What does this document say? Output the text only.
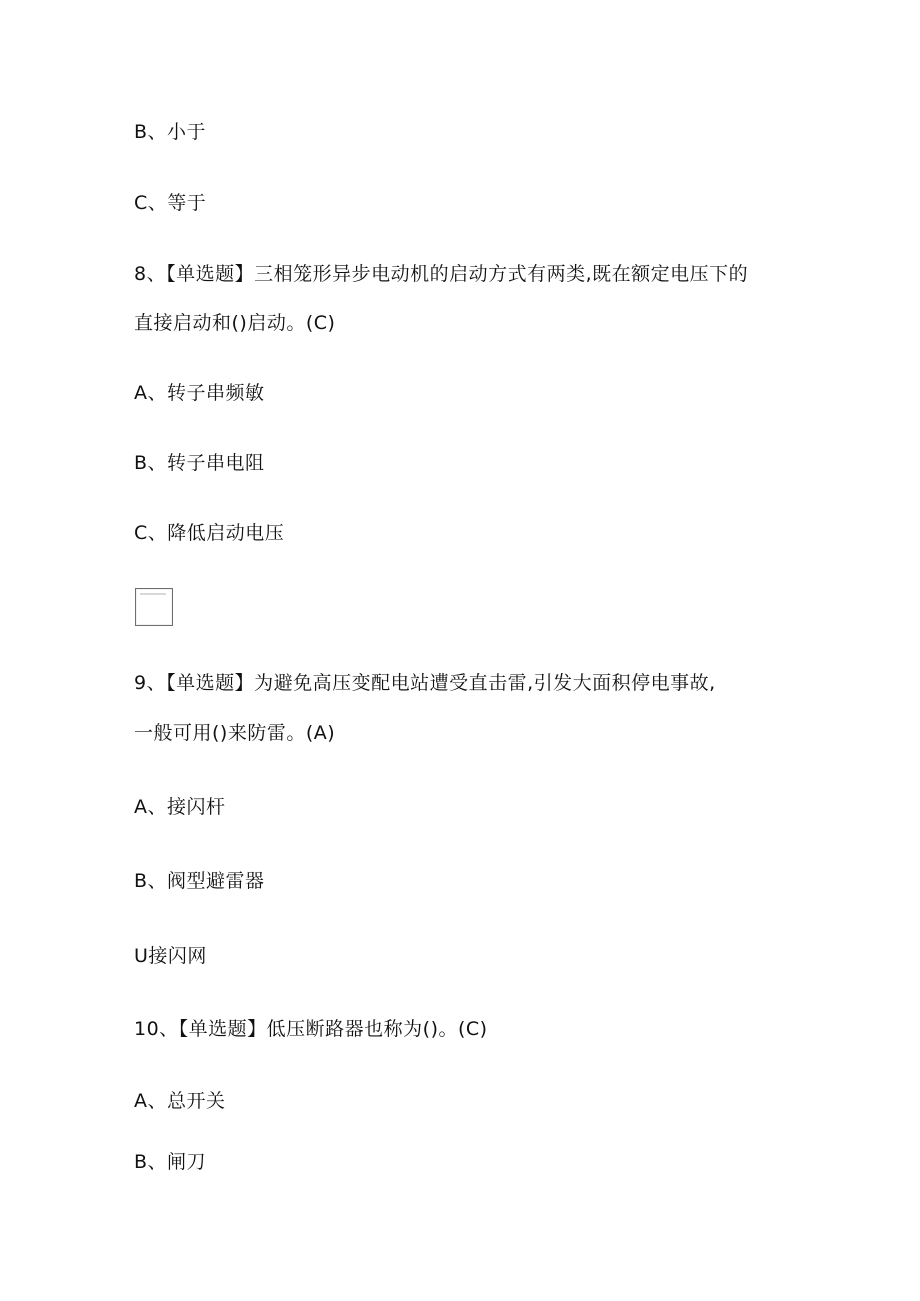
B、小于
C、等于
8、【单选题】三相笼形异步电动机的启动方式有两类,既在额定电压下的
直接启动和()启动。(C)
A、转子串频敏
B、转子串电阻
C、降低启动电压
9、【单选题】为避免高压变配电站遭受直击雷,引发大面积停电事故,
一般可用()来防雷。(A)
A、接闪杆
B、阀型避雷器
U接闪网
10、【单选题】低压断路器也称为()。(C)
A、总开关
B、闸刀
